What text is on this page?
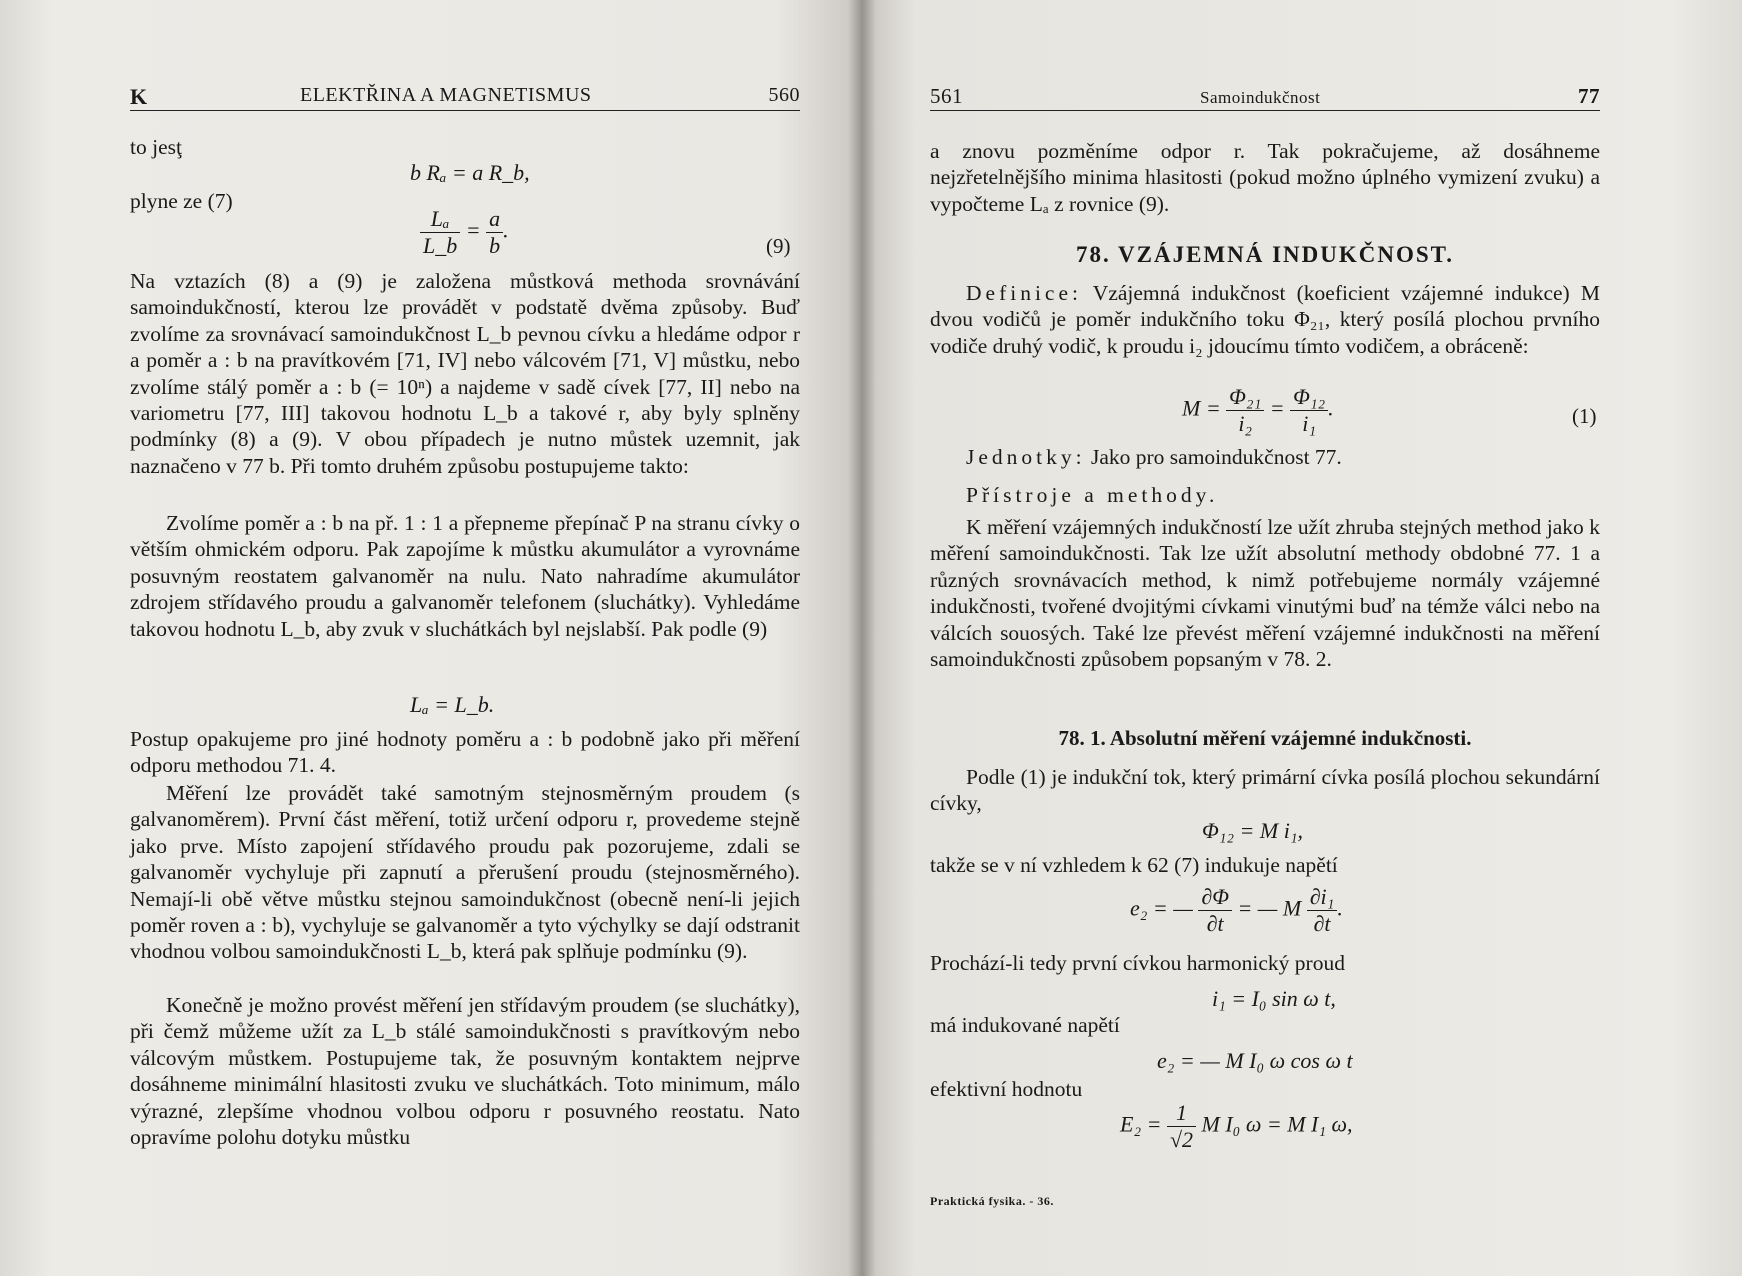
K	ELEKTŘINA A MAGNETISMUS	560
to jesţ
b Rₐ = a R_b,
plyne ze (7)
$\frac{\text{Lₐ}}{L\_b} = \frac{a}{b}$ .
(9)

Na vztazích (8) a (9) je založena můstková methoda srovnávání samoindukčností, kterou lze provádět v podstatě dvěma způsoby. Buď zvolíme za srovnávací samoindukčnost L_b pevnou cívku a hledáme odpor r a poměr a : b na pravítkovém [71, IV] nebo válcovém [71, V] můstku, nebo zvolíme stálý poměr a : b (= 10ⁿ) a najdeme v sadě cívek [77, II] nebo na variometru [77, III] takovou hodnotu L_b a takové r, aby byly splněny podmínky (8) a (9). V obou případech je nutno můstek uzemnit, jak naznačeno v 77 b. Při tomto druhém způsobu postupujeme takto:

Zvolíme poměr a : b na př. 1 : 1 a přepneme přepínač P na stranu cívky o větším ohmickém odporu. Pak zapojíme k můstku akumulátor a vyrovnáme posuvným reostatem galvanoměr na nulu. Nato nahradíme akumulátor zdrojem střídavého proudu a galvanoměr telefonem (sluchátky). Vyhledáme takovou hodnotu L_b, aby zvuk v sluchátkách byl nejslabší. Pak podle (9)

Lₐ = L_b.

Postup opakujeme pro jiné hodnoty poměru a : b podobně jako při měření odporu methodou 71. 4.

Měření lze provádět také samotným stejnosměrným proudem (s galvanoměrem). První část měření, totiž určení odporu r, provedeme stejně jako prve. Místo zapojení střídavého proudu pak pozorujeme, zdali se galvanoměr vychyluje při zapnutí a přerušení proudu (stejnosměrného). Nemají-li obě větve můstku stejnou samoindukčnost (obecně není-li jejich poměr roven a : b), vychyluje se galvanoměr a tyto výchylky se dají odstranit vhodnou volbou samoindukčnosti L_b, která pak splňuje podmínku (9).

Konečně je možno provést měření jen střídavým proudem (se sluchátky), při čemž můžeme užít za L_b stálé samoindukčnosti s pravítkovým nebo válcovým můstkem. Postupujeme tak, že posuvným kontaktem nejprve dosáhneme minimální hlasitosti zvuku ve sluchátkách. Toto minimum, málo výrazné, zlepšíme vhodnou volbou odporu r posuvného reostatu. Nato opravíme polohu dotyku můstku

561	Samoindukčnost	77

a znovu pozměníme odpor r. Tak pokračujeme, až dosáhneme nejzřetelnějšího minima hlasitosti (pokud možno úplného vymizení zvuku) a vypočteme Lₐ z rovnice (9).

78. VZÁJEMNÁ INDUKČNOST.

Definice: Vzájemná indukčnost (koeficient vzájemné indukce) M dvou vodičů je poměr indukčního toku Φ₂₁, který posílá plochou prvního vodiče druhý vodič, k proudu i₂ jdoucímu tímto vodičem, a obráceně:

$M = \frac{\text{Φ₂₁}}{\text{i₂}} = \frac{\text{Φ₁₂}}{\text{i₁}}$ .	(1)

Jednotky: Jako pro samoindukčnost 77.

Přístroje a methody.

K měření vzájemných indukčností lze užít zhruba stejných method jako k měření samoindukčnosti. Tak lze užít absolutní methody obdobné 77. 1 a různých srovnávacích method, k nimž potřebujeme normály vzájemné indukčnosti, tvořené dvojitými cívkami vinutými buď na témže válci nebo na válcích souosých. Také lze převést měření vzájemné indukčnosti na měření samoindukčnosti způsobem popsaným v 78. 2.

78. 1. Absolutní měření vzájemné indukčnosti.

Podle (1) je indukční tok, který primární cívka posílá plochou sekundární cívky,

Φ₁₂ = M i₁,
takže se v ní vzhledem k 62 (7) indukuje napětí
e₂ = — $\frac{\partial\Phi}{\partial t}$ = — M $\frac{\text{∂i₁}}{\partial t}$ .
Prochází-li tedy první cívkou harmonický proud
i₁ = I₀ sin ω t,
má indukované napětí
e₂ = — M I₀ ω cos ω t
efektivní hodnotu
$E_2 = \frac{1}{√2}$ M I₀ ω = M I₁ ω,
Praktická fysika. - 36.
